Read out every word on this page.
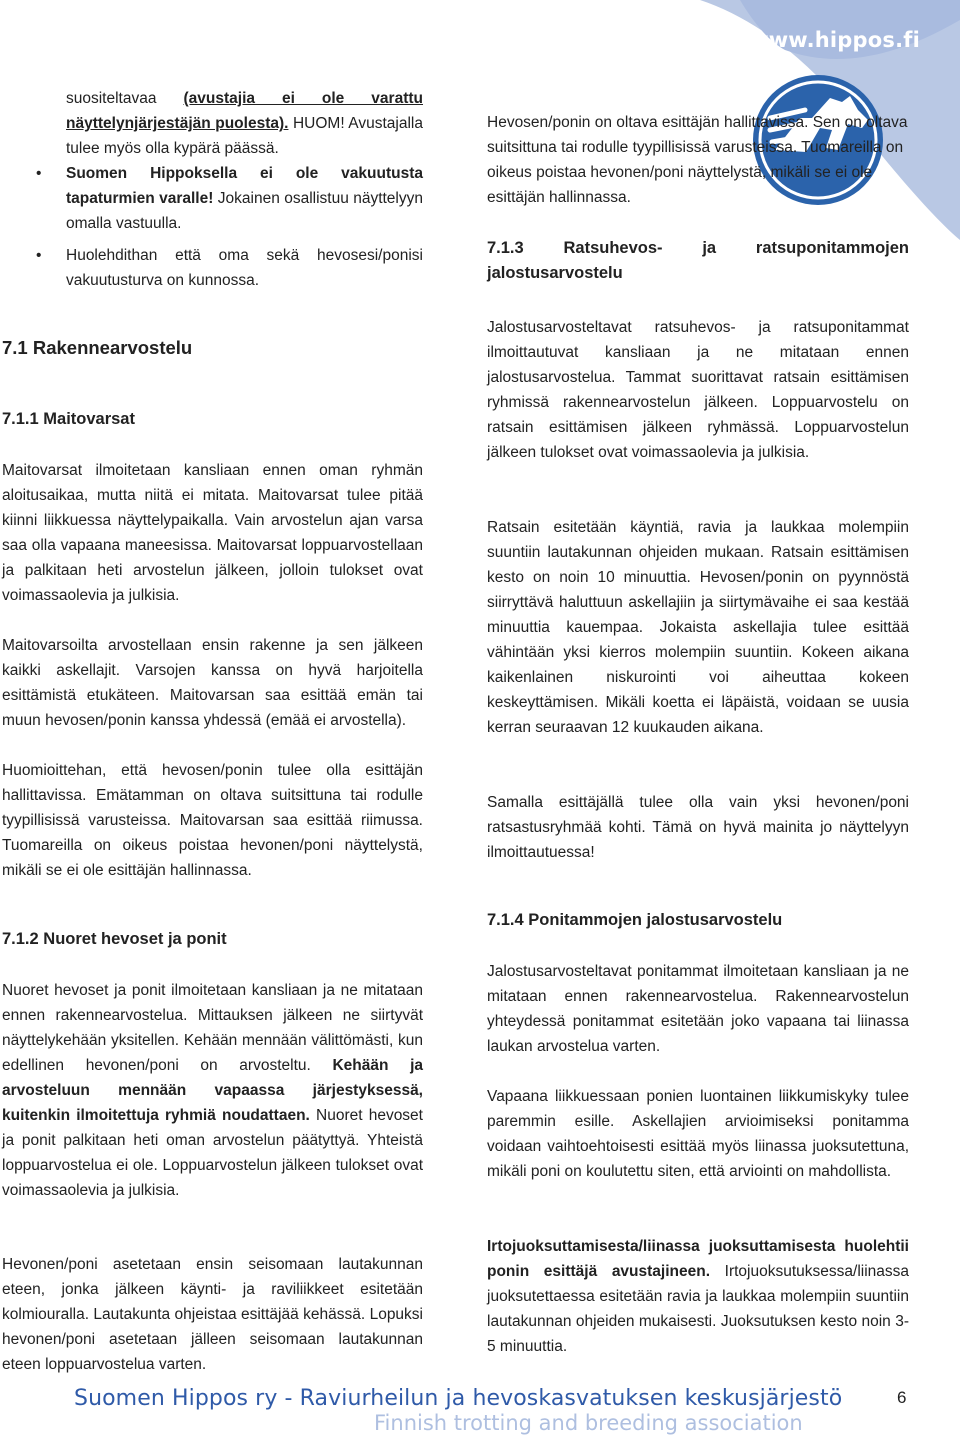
www.hippos.fi

suositeltavaa (avustajia ei ole varattu näyttelynjärjestäjän puolesta). HUOM! Avustajalla tulee myös olla kypärä päässä.

• Suomen Hippoksella ei ole vakuutusta tapaturmien varalle! Jokainen osallistuu näyttelyyn omalla vastuulla.
• Huolehdithan että oma sekä hevosesi/ponisi vakuutusturva on kunnossa.
7.1 Rakennearvostelu
7.1.1 Maitovarsat

Maitovarsat ilmoitetaan kansliaan ennen oman ryhmän aloitusaikaa, mutta niitä ei mitata. Maitovarsat tulee pitää kiinni liikkuessa näyttelypaikalla. Vain arvostelun ajan varsa saa olla vapaana maneesissa. Maitovarsat loppuarvostellaan ja palkitaan heti arvostelun jälkeen, jolloin tulokset ovat voimassaolevia ja julkisia.

Maitovarsoilta arvostellaan ensin rakenne ja sen jälkeen kaikki askellajit. Varsojen kanssa on hyvä harjoitella esittämistä etukäteen. Maitovarsan saa esittää emän tai muun hevosen/ponin kanssa yhdessä (emää ei arvostella).

Huomioittehan, että hevosen/ponin tulee olla esittäjän hallittavissa. Emätamman on oltava suitsittuna tai rodulle tyypillisissä varusteissa. Maitovarsan saa esittää riimussa. Tuomareilla on oikeus poistaa hevonen/poni näyttelystä, mikäli se ei ole esittäjän hallinnassa.

7.1.2 Nuoret hevoset ja ponit

Nuoret hevoset ja ponit ilmoitetaan kansliaan ja ne mitataan ennen rakennearvostelua. Mittauksen jälkeen ne siirtyvät näyttelykehään yksitellen. Kehään mennään välittömästi, kun edellinen hevonen/poni on arvosteltu. Kehään ja arvosteluun mennään vapaassa järjestyksessä, kuitenkin ilmoitettuja ryhmiä noudattaen. Nuoret hevoset ja ponit palkitaan heti oman arvostelun päätyttyä. Yhteistä loppuarvostelua ei ole. Loppuarvostelun jälkeen tulokset ovat voimassaolevia ja julkisia.

Hevonen/poni asetetaan ensin seisomaan lautakunnan eteen, jonka jälkeen käynti- ja raviliikkeet esitetään kolmiourallа. Lautakunta ohjeistaa esittäjää kehässä. Lopuksi hevonen/poni asetetaan jälleen seisomaan lautakunnan eteen loppuarvostelua varten.

Hevosen/ponin on oltava esittäjän hallittavissa. Sen on oltava suitsittuna tai rodulle tyypillisissä varusteissa. Tuomareilla on oikeus poistaa hevonen/poni näyttelystä, mikäli se ei ole esittäjän hallinnassa.

7.1.3 Ratsuhevos- ja ratsuponitammojen jalostusarvostelu

Jalostusarvosteltavat ratsuhevos- ja ratsuponitammat ilmoittautuvat kansliaan ja ne mitataan ennen jalostusarvostelua. Tammat suorittavat ratsain esittämisen ryhmissä rakennearvostelun jälkeen. Loppuarvostelu on ratsain esittämisen jälkeen ryhmässä. Loppuarvostelun jälkeen tulokset ovat voimassaolevia ja julkisia.

Ratsain esitetään käyntiä, ravia ja laukkaa molempiin suuntiin lautakunnan ohjeiden mukaan. Ratsain esittämisen kesto on noin 10 minuuttia. Hevosen/ponin on pyynnöstä siirryttävä haluttuun askellajiin ja siirtymävaihe ei saa kestää minuuttia kauempaa. Jokaista askellajia tulee esittää vähintään yksi kierros molempiin suuntiin. Kokeen aikana kaikenlainen niskurointi voi aiheuttaa kokeen keskeyttämisen. Mikäli koetta ei läpäistä, voidaan se uusia kerran seuraavan 12 kuukauden aikana.

Samalla esittäjällä tulee olla vain yksi hevonen/poni ratsastusryhmää kohti. Tämä on hyvä mainita jo näyttelyyn ilmoittautuessa!

7.1.4 Ponitammojen jalostusarvostelu

Jalostusarvosteltavat ponitammat ilmoitetaan kansliaan ja ne mitataan ennen rakennearvostelua. Rakennearvostelun yhteydessä ponitammat esitetään joko vapaana tai liinassa laukan arvostelua varten.

Vapaana liikkuessaan ponien luontainen liikkumiskyky tulee paremmin esille. Askellajien arvioimiseksi ponitamma voidaan vaihtoehtoisesti esittää myös liinassa juoksutettuna, mikäli poni on koulutettu siten, että arviointi on mahdollista.

Irtojuoksuttamisesta/liinassa juoksuttamisesta huolehtii ponin esittäjä avustajineen. Irtojuoksutuksessa/liinassa juoksutettaessa esitetään ravia ja laukkaa molempiin suuntiin lautakunnan ohjeiden mukaisesti. Juoksutuksen kesto noin 3-5 minuuttia.

Suomen Hippos ry - Raviurheilun ja hevoskasvatuksen keskusjärjestö
Finnish trotting and breeding association
6
